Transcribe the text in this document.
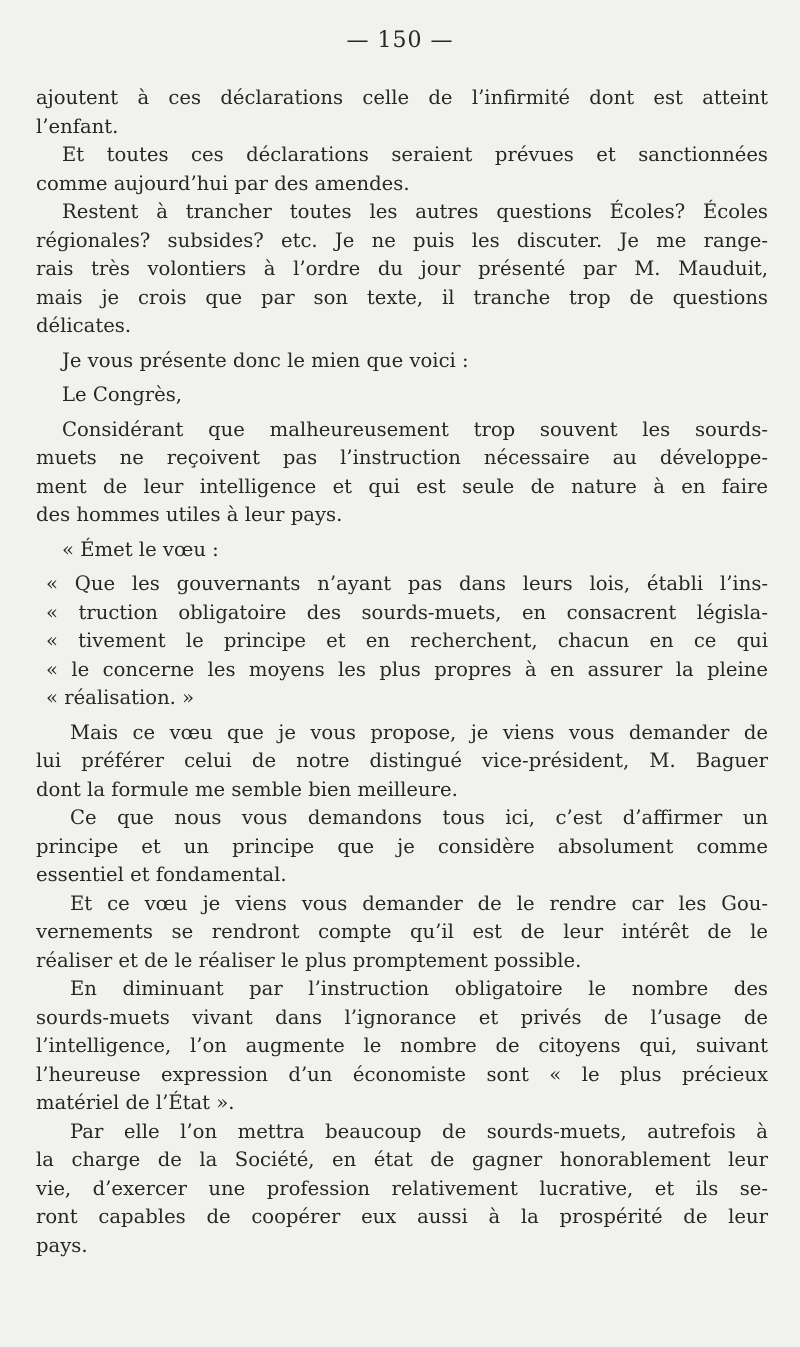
— 150 —
ajoutent à ces déclarations celle de l’infirmité dont est atteint
l’enfant.
Et toutes ces déclarations seraient prévues et sanctionnées
comme aujourd’hui par des amendes.
Restent à trancher toutes les autres questions Écoles? Écoles
régionales? subsides? etc. Je ne puis les discuter. Je me range-
rais très volontiers à l’ordre du jour présenté par M. Mauduit,
mais je crois que par son texte, il tranche trop de questions
délicates.
Je vous présente donc le mien que voici :
Le Congrès,
Considérant que malheureusement trop souvent les sourds-
muets ne reçoivent pas l’instruction nécessaire au développe-
ment de leur intelligence et qui est seule de nature à en faire
des hommes utiles à leur pays.
« Émet le vœu :
« Que les gouvernants n’ayant pas dans leurs lois, établi l’ins-
« truction obligatoire des sourds-muets, en consacrent législa-
« tivement le principe et en recherchent, chacun en ce qui
« le concerne les moyens les plus propres à en assurer la pleine
« réalisation. »
Mais ce vœu que je vous propose, je viens vous demander de
lui préférer celui de notre distingué vice-président, M. Baguer
dont la formule me semble bien meilleure.
Ce que nous vous demandons tous ici, c’est d’affirmer un
principe et un principe que je considère absolument comme
essentiel et fondamental.
Et ce vœu je viens vous demander de le rendre car les Gou-
vernements se rendront compte qu’il est de leur intérêt de le
réaliser et de le réaliser le plus promptement possible.
En diminuant par l’instruction obligatoire le nombre des
sourds-muets vivant dans l’ignorance et privés de l’usage de
l’intelligence, l’on augmente le nombre de citoyens qui, suivant
l’heureuse expression d’un économiste sont « le plus précieux
matériel de l’État ».
Par elle l’on mettra beaucoup de sourds-muets, autrefois à
la charge de la Société, en état de gagner honorablement leur
vie, d’exercer une profession relativement lucrative, et ils se-
ront capables de coopérer eux aussi à la prospérité de leur
pays.
